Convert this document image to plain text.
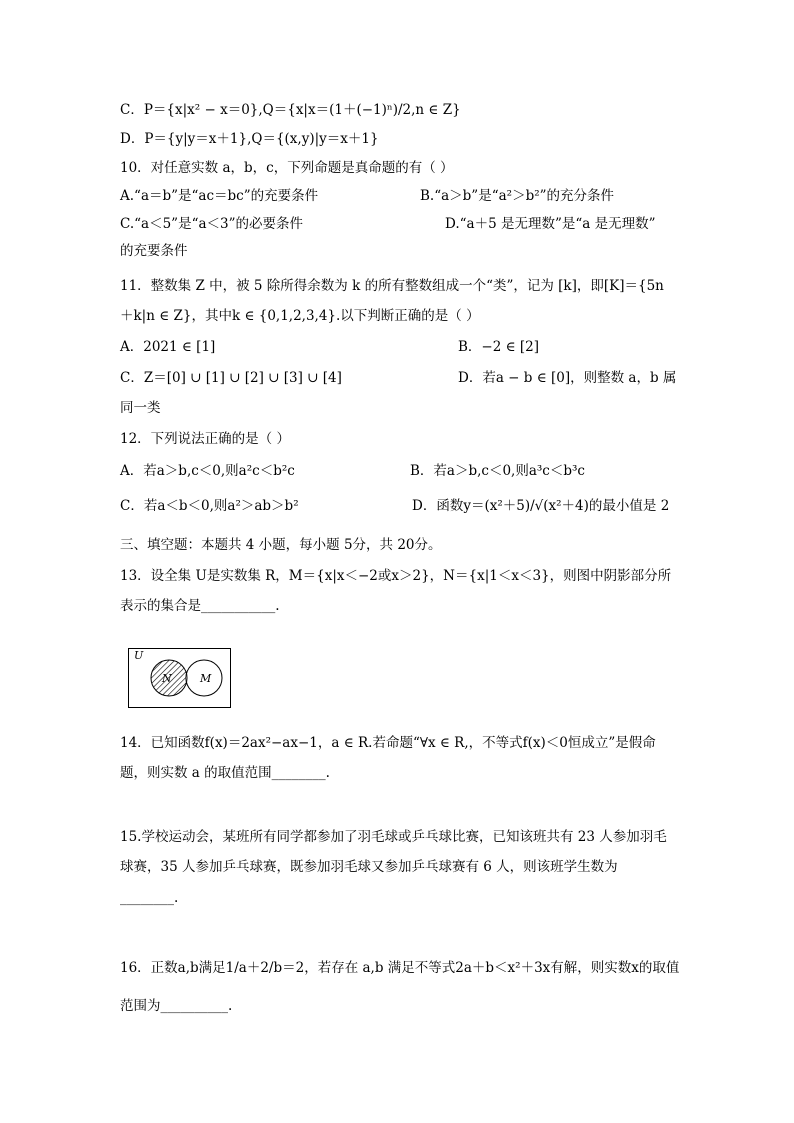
C．P＝{x|x² − x＝0},Q＝{x|x＝(1＋(−1)ⁿ)/2,n ∈ Z}
D．P＝{y|y＝x＋1},Q＝{(x,y)|y＝x＋1}
10．对任意实数 a，b，c，下列命题是真命题的有（ ）
A.“a＝b”是“ac＝bc”的充要条件	B.“a＞b”是“a²＞b²”的充分条件
C.“a＜5”是“a＜3”的必要条件	D.“a＋5 是无理数”是“a 是无理数”
的充要条件
11．整数集 Z 中，被 5 除所得余数为 k 的所有整数组成一个“类”，记为 [k]，即[K]＝{5n
＋k|n ∈ Z}，其中k ∈ {0,1,2,3,4}.以下判断正确的是（ ）
A．2021 ∈ [1]	B．−2 ∈ [2]
C．Z＝[0] ∪ [1] ∪ [2] ∪ [3] ∪ [4]	D．若a − b ∈ [0]，则整数 a，b 属
同一类
12．下列说法正确的是（ ）
A．若a＞b,c＜0,则a²c＜b²c	B．若a＞b,c＜0,则a³c＜b³c
C．若a＜b＜0,则a²＞ab＞b²	D．函数y＝(x²＋5)/√(x²＋4)的最小值是 2
三、填空题：本题共 4 小题，每小题 5分，共 20分。
13．设全集 U是实数集 R，M＝{x|x＜−2或x＞2}，N＝{x|1＜x＜3}，则图中阴影部分所
表示的集合是___________.
U
N	M
14．已知函数f(x)＝2ax²−ax−1，a ∈ R.若命题“∀x ∈ R,，不等式f(x)＜0恒成立”是假命
题，则实数 a 的取值范围________.
15.学校运动会，某班所有同学都参加了羽毛球或乒乓球比赛，已知该班共有 23 人参加羽毛
球赛，35 人参加乒乓球赛，既参加羽毛球又参加乒乓球赛有 6 人，则该班学生数为
________.
16．正数a,b满足1/a＋2/b＝2，若存在 a,b 满足不等式2a＋b＜x²＋3x有解，则实数x的取值
范围为__________.
